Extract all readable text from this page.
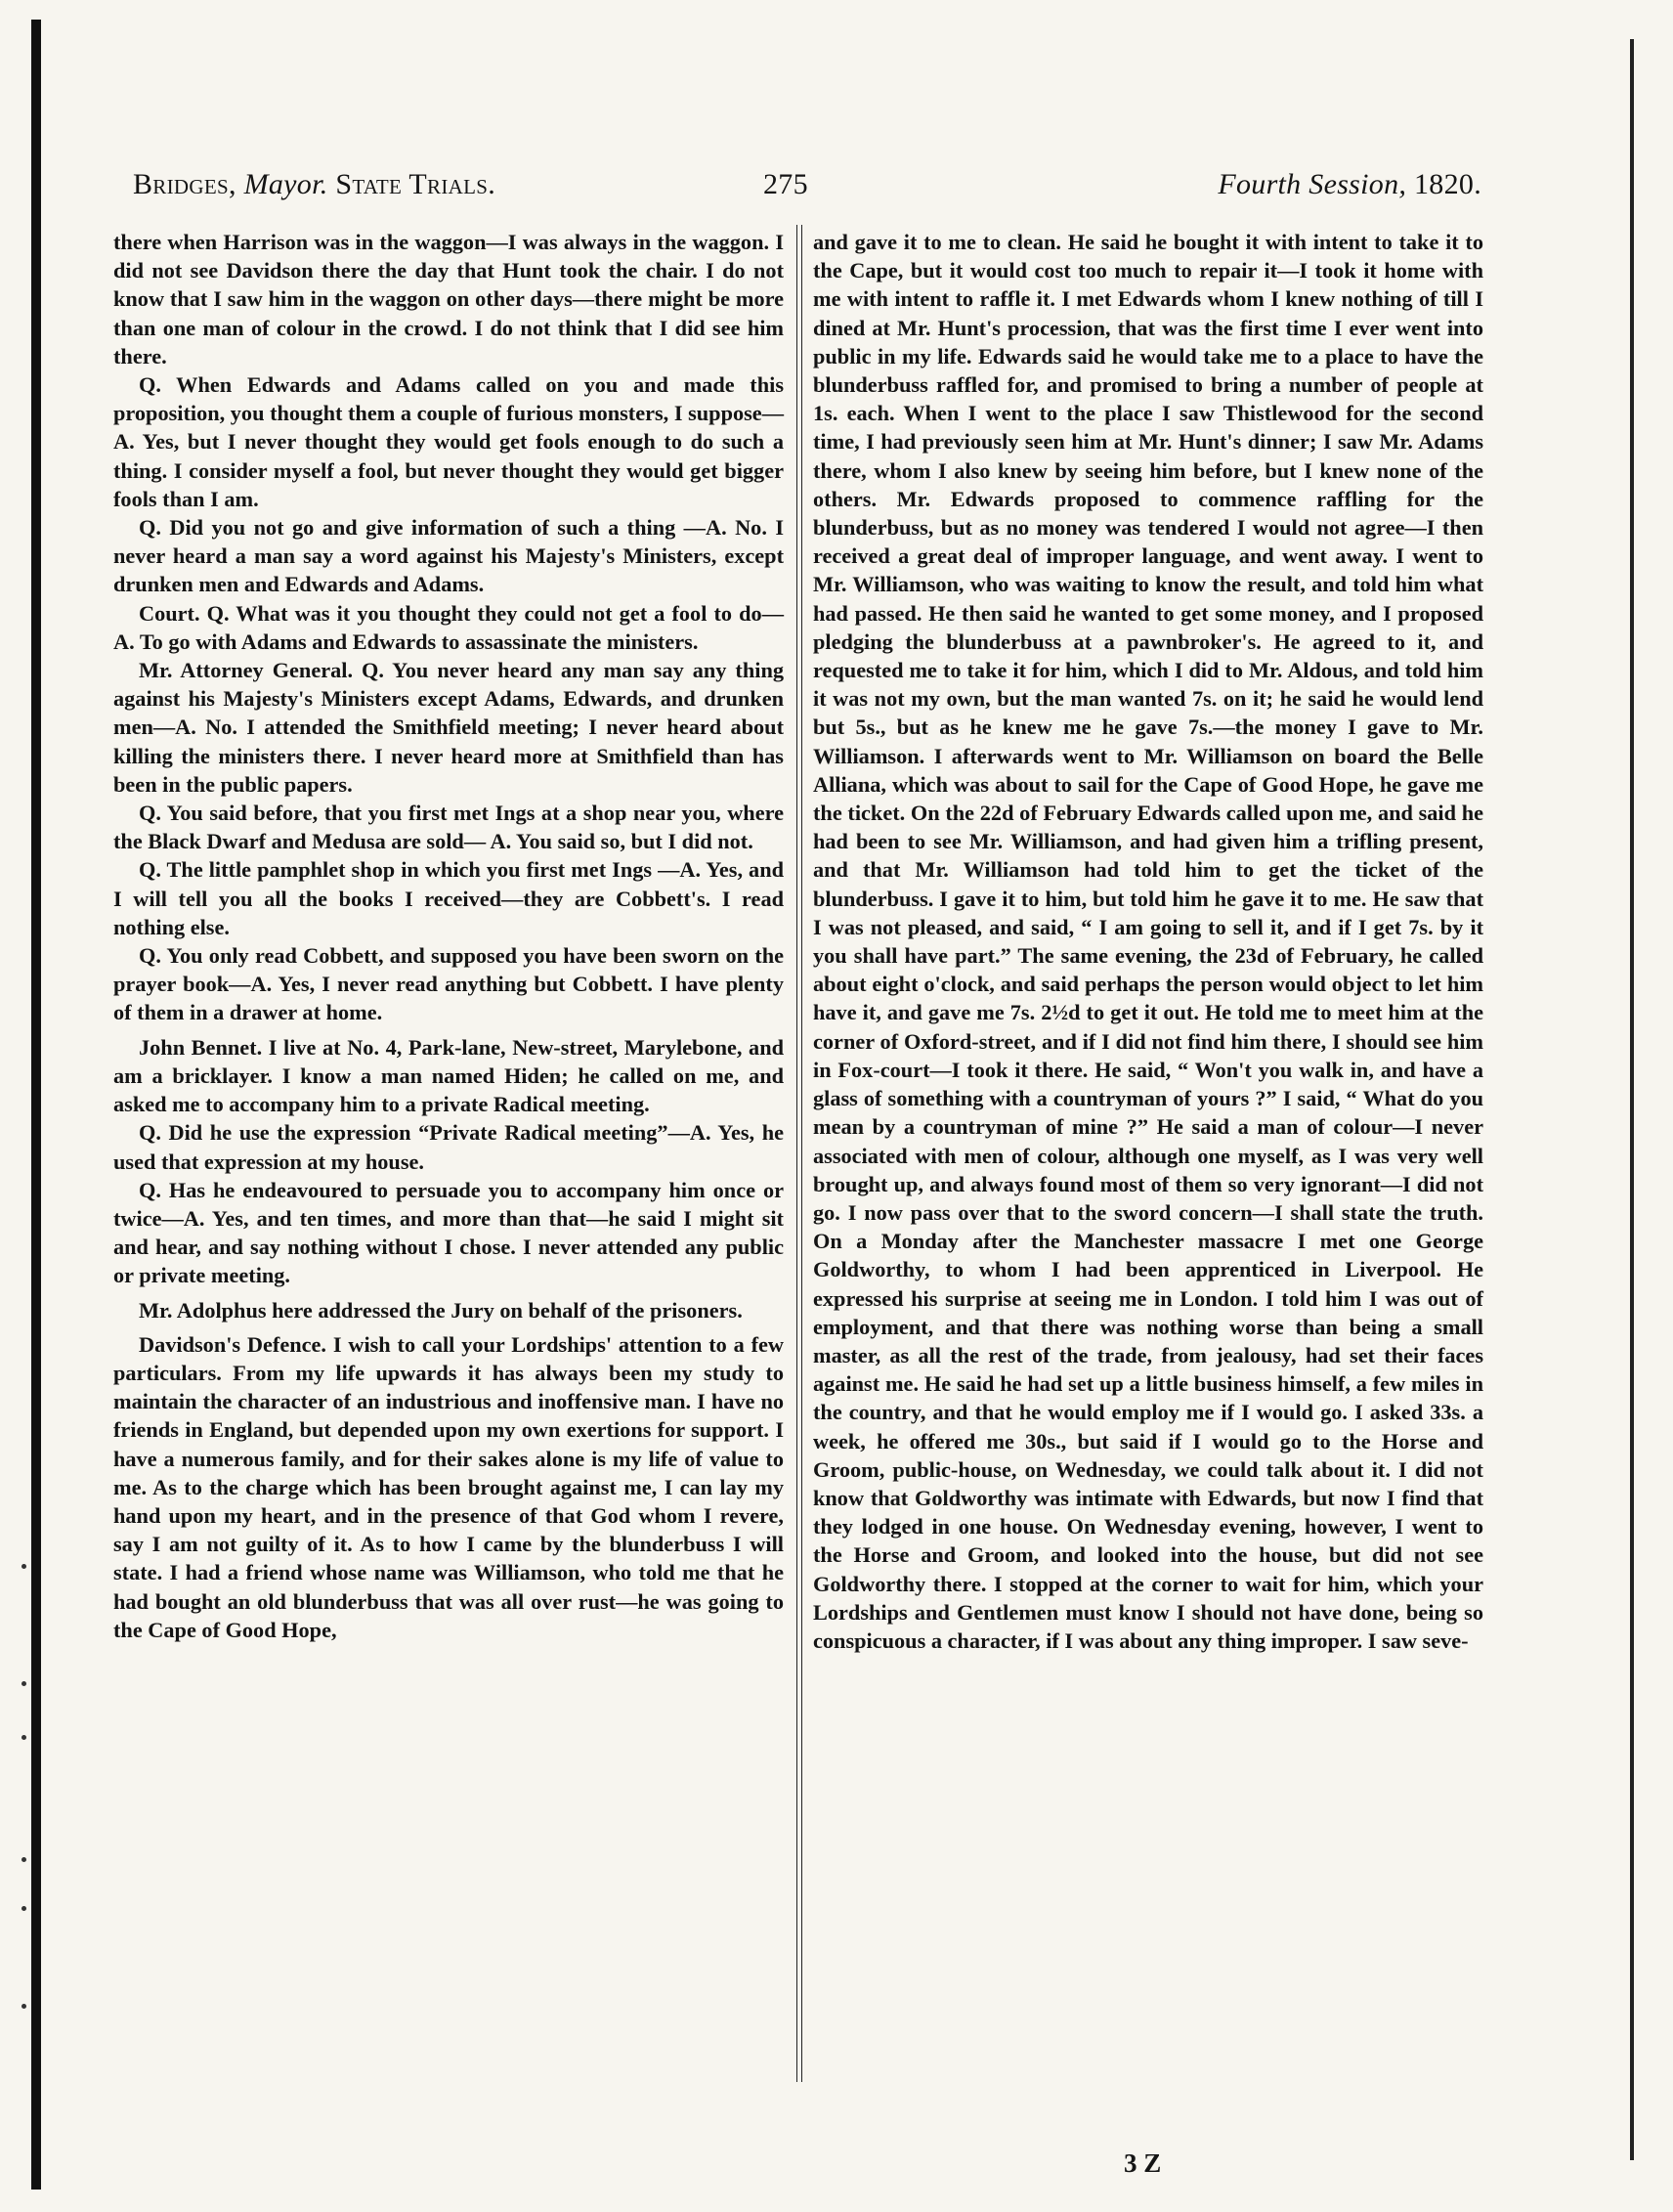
Bridges, Mayor. State Trials.	275	Fourth Session, 1820.

there when Harrison was in the waggon—I was always in the waggon. I did not see Davidson there the day that Hunt took the chair. I do not know that I saw him in the waggon on other days—there might be more than one man of colour in the crowd. I do not think that I did see him there.

Q. When Edwards and Adams called on you and made this proposition, you thought them a couple of furious monsters, I suppose—A. Yes, but I never thought they would get fools enough to do such a thing. I consider myself a fool, but never thought they would get bigger fools than I am.

Q. Did you not go and give information of such a thing —A. No. I never heard a man say a word against his Majesty's Ministers, except drunken men and Edwards and Adams.

Court. Q. What was it you thought they could not get a fool to do—A. To go with Adams and Edwards to assassinate the ministers.

Mr. Attorney General. Q. You never heard any man say any thing against his Majesty's Ministers except Adams, Edwards, and drunken men—A. No. I attended the Smithfield meeting; I never heard about killing the ministers there. I never heard more at Smithfield than has been in the public papers.

Q. You said before, that you first met Ings at a shop near you, where the Black Dwarf and Medusa are sold— A. You said so, but I did not.

Q. The little pamphlet shop in which you first met Ings —A. Yes, and I will tell you all the books I received—they are Cobbett's. I read nothing else.

Q. You only read Cobbett, and supposed you have been sworn on the prayer book—A. Yes, I never read anything but Cobbett. I have plenty of them in a drawer at home.

John Bennet. I live at No. 4, Park-lane, New-street, Marylebone, and am a bricklayer. I know a man named Hiden; he called on me, and asked me to accompany him to a private Radical meeting.

Q. Did he use the expression “Private Radical meeting”—A. Yes, he used that expression at my house.

Q. Has he endeavoured to persuade you to accompany him once or twice—A. Yes, and ten times, and more than that—he said I might sit and hear, and say nothing without I chose. I never attended any public or private meeting.

Mr. Adolphus here addressed the Jury on behalf of the prisoners.

Davidson's Defence. I wish to call your Lordships' attention to a few particulars. From my life upwards it has always been my study to maintain the character of an industrious and inoffensive man. I have no friends in England, but depended upon my own exertions for support. I have a numerous family, and for their sakes alone is my life of value to me. As to the charge which has been brought against me, I can lay my hand upon my heart, and in the presence of that God whom I revere, say I am not guilty of it. As to how I came by the blunderbuss I will state. I had a friend whose name was Williamson, who told me that he had bought an old blunderbuss that was all over rust—he was going to the Cape of Good Hope,

and gave it to me to clean. He said he bought it with intent to take it to the Cape, but it would cost too much to repair it—I took it home with me with intent to raffle it. I met Edwards whom I knew nothing of till I dined at Mr. Hunt's procession, that was the first time I ever went into public in my life. Edwards said he would take me to a place to have the blunderbuss raffled for, and promised to bring a number of people at 1s. each. When I went to the place I saw Thistlewood for the second time, I had previously seen him at Mr. Hunt's dinner; I saw Mr. Adams there, whom I also knew by seeing him before, but I knew none of the others. Mr. Edwards proposed to commence raffling for the blunderbuss, but as no money was tendered I would not agree—I then received a great deal of improper language, and went away. I went to Mr. Williamson, who was waiting to know the result, and told him what had passed. He then said he wanted to get some money, and I proposed pledging the blunderbuss at a pawnbroker's. He agreed to it, and requested me to take it for him, which I did to Mr. Aldous, and told him it was not my own, but the man wanted 7s. on it; he said he would lend but 5s., but as he knew me he gave 7s.—the money I gave to Mr. Williamson. I afterwards went to Mr. Williamson on board the Belle Alliana, which was about to sail for the Cape of Good Hope, he gave me the ticket. On the 22d of February Edwards called upon me, and said he had been to see Mr. Williamson, and had given him a trifling present, and that Mr. Williamson had told him to get the ticket of the blunderbuss. I gave it to him, but told him he gave it to me. He saw that I was not pleased, and said, “ I am going to sell it, and if I get 7s. by it you shall have part.” The same evening, the 23d of February, he called about eight o'clock, and said perhaps the person would object to let him have it, and gave me 7s. 2½d to get it out. He told me to meet him at the corner of Oxford-street, and if I did not find him there, I should see him in Fox-court—I took it there. He said, “ Won't you walk in, and have a glass of something with a countryman of yours ?” I said, “ What do you mean by a countryman of mine ?” He said a man of colour—I never associated with men of colour, although one myself, as I was very well brought up, and always found most of them so very ignorant—I did not go. I now pass over that to the sword concern—I shall state the truth. On a Monday after the Manchester massacre I met one George Goldworthy, to whom I had been apprenticed in Liverpool. He expressed his surprise at seeing me in London. I told him I was out of employment, and that there was nothing worse than being a small master, as all the rest of the trade, from jealousy, had set their faces against me. He said he had set up a little business himself, a few miles in the country, and that he would employ me if I would go. I asked 33s. a week, he offered me 30s., but said if I would go to the Horse and Groom, public-house, on Wednesday, we could talk about it. I did not know that Goldworthy was intimate with Edwards, but now I find that they lodged in one house. On Wednesday evening, however, I went to the Horse and Groom, and looked into the house, but did not see Goldworthy there. I stopped at the corner to wait for him, which your Lordships and Gentlemen must know I should not have done, being so conspicuous a character, if I was about any thing improper. I saw seve-

3 Z
